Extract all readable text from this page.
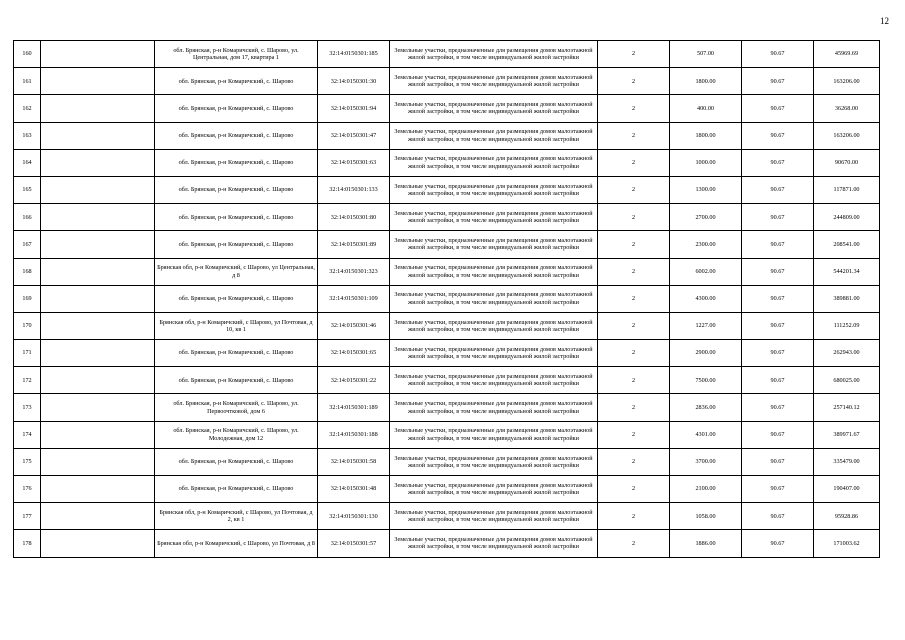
12
160		обл. Брянская, р-н Комаричский, с. Шарово, ул. Центральная, дом 17, квартира 1	32:14:0150301:185	Земельные участки, предназначенные для размещения домов малоэтажной жилой застройки, в том числе индивидуальной жилой застройки	2	507.00	90.67	45969.69
161		обл. Брянская, р-н Комаричский, с. Шарово	32:14:0150301:30	Земельные участки, предназначенные для размещения домов малоэтажной жилой застройки, в том числе индивидуальной жилой застройки	2	1800.00	90.67	163206.00
162		обл. Брянская, р-н Комаричский, с. Шарово	32:14:0150301:94	Земельные участки, предназначенные для размещения домов малоэтажной жилой застройки, в том числе индивидуальной жилой застройки	2	400.00	90.67	36268.00
163		обл. Брянская, р-н Комаричский, с. Шарово	32:14:0150301:47	Земельные участки, предназначенные для размещения домов малоэтажной жилой застройки, в том числе индивидуальной жилой застройки	2	1800.00	90.67	163206.00
164		обл. Брянская, р-н Комаричский, с. Шарово	32:14:0150301:63	Земельные участки, предназначенные для размещения домов малоэтажной жилой застройки, в том числе индивидуальной жилой застройки	2	1000.00	90.67	90670.00
165		обл. Брянская, р-н Комаричский, с. Шарово	32:14:0150301:133	Земельные участки, предназначенные для размещения домов малоэтажной жилой застройки, в том числе индивидуальной жилой застройки	2	1300.00	90.67	117871.00
166		обл. Брянская, р-н Комаричский, с. Шарово	32:14:0150301:80	Земельные участки, предназначенные для размещения домов малоэтажной жилой застройки, в том числе индивидуальной жилой застройки	2	2700.00	90.67	244809.00
167		обл. Брянская, р-н Комаричский, с. Шарово	32:14:0150301:89	Земельные участки, предназначенные для размещения домов малоэтажной жилой застройки, в том числе индивидуальной жилой застройки	2	2300.00	90.67	208541.00
168		Брянская обл, р-н Комаричский, с Шарово, ул Центральная, д 8	32:14:0150301:323	Земельные участки, предназначенные для размещения домов малоэтажной жилой застройки, в том числе индивидуальной жилой застройки	2	6002.00	90.67	544201.34
169		обл. Брянская, р-н Комаричский, с. Шарово	32:14:0150301:109	Земельные участки, предназначенные для размещения домов малоэтажной жилой застройки, в том числе индивидуальной жилой застройки	2	4300.00	90.67	389881.00
170		Брянская обл, р-н Комаричский, с Шарово, ул Почтовая, д 10, кв 1	32:14:0150301:46	Земельные участки, предназначенные для размещения домов малоэтажной жилой застройки, в том числе индивидуальной жилой застройки	2	1227.00	90.67	111252.09
171		обл. Брянская, р-н Комаричский, с. Шарово	32:14:0150301:65	Земельные участки, предназначенные для размещения домов малоэтажной жилой застройки, в том числе индивидуальной жилой застройки	2	2900.00	90.67	262943.00
172		обл. Брянская, р-н Комаричский, с. Шарово	32:14:0150301:22	Земельные участки, предназначенные для размещения домов малоэтажной жилой застройки, в том числе индивидуальной жилой застройки	2	7500.00	90.67	680025.00
173		обл. Брянская, р-н Комаричский, с. Шарово, ул. Первоочтковой, дом 6	32:14:0150301:189	Земельные участки, предназначенные для размещения домов малоэтажной жилой застройки, в том числе индивидуальной жилой застройки	2	2836.00	90.67	257140.12
174		обл. Брянская, р-н Комаричский, с. Шарово, ул. Молодежная, дом 12	32:14:0150301:188	Земельные участки, предназначенные для размещения домов малоэтажной жилой застройки, в том числе индивидуальной жилой застройки	2	4301.00	90.67	389971.67
175		обл. Брянская, р-н Комаричский, с. Шарово	32:14:0150301:58	Земельные участки, предназначенные для размещения домов малоэтажной жилой застройки, в том числе индивидуальной жилой застройки	2	3700.00	90.67	335479.00
176		обл. Брянская, р-н Комаричский, с. Шарово	32:14:0150301:48	Земельные участки, предназначенные для размещения домов малоэтажной жилой застройки, в том числе индивидуальной жилой застройки	2	2100.00	90.67	190407.00
177		Брянская обл, р-н Комаричский, с Шарово, ул Почтовая, д 2, кв 1	32:14:0150301:130	Земельные участки, предназначенные для размещения домов малоэтажной жилой застройки, в том числе индивидуальной жилой застройки	2	1058.00	90.67	95928.86
178		Брянская обл, р-н Комаричский, с Шарово, ул Почтовая, д 8	32:14:0150301:57	Земельные участки, предназначенные для размещения домов малоэтажной жилой застройки, в том числе индивидуальной жилой застройки	2	1886.00	90.67	171003.62
